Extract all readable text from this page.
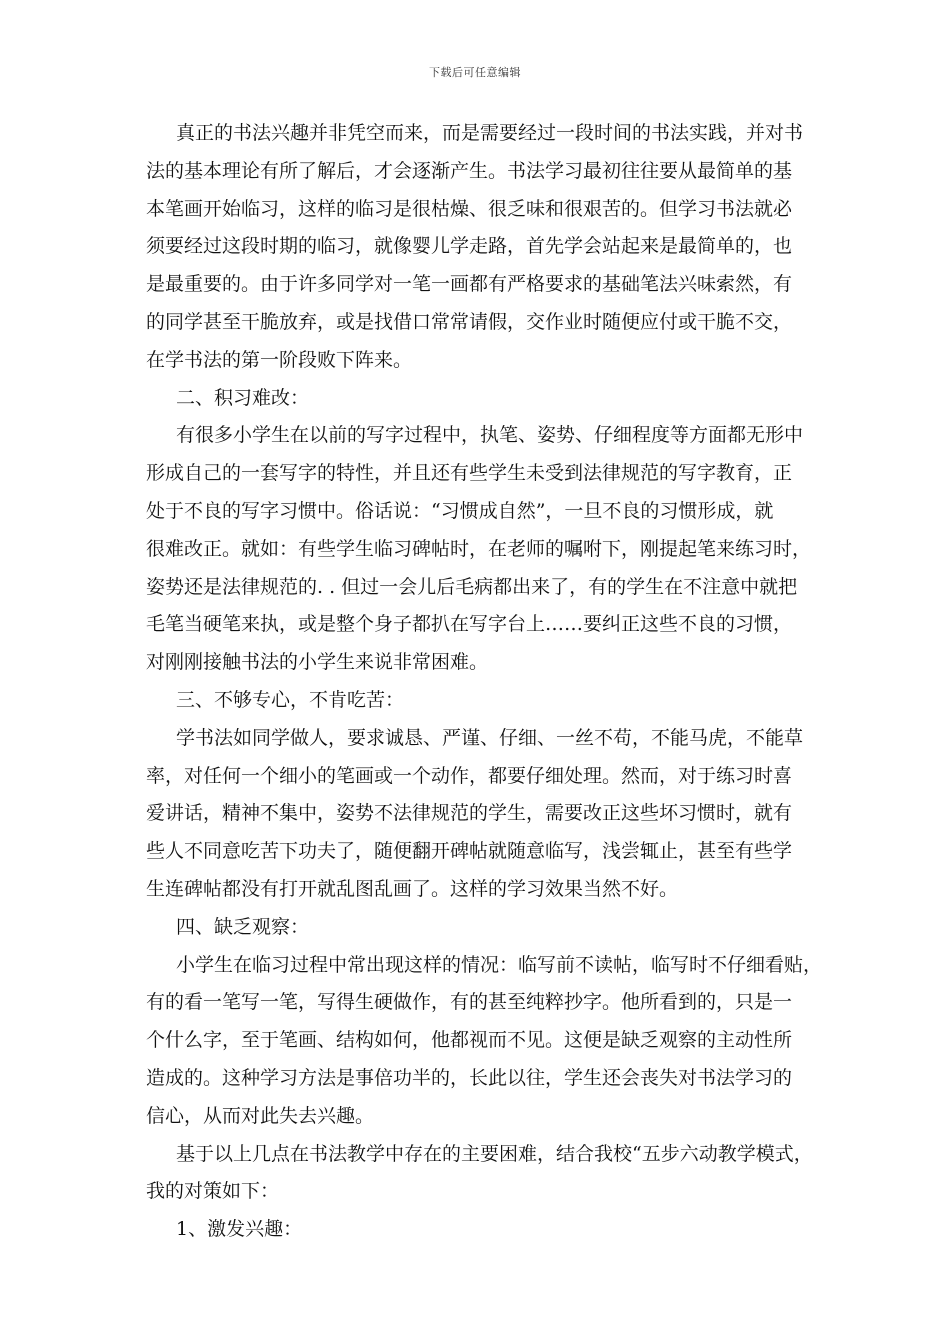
下载后可任意编辑
真正的书法兴趣并非凭空而来，而是需要经过一段时间的书法实践，并对书
法的基本理论有所了解后，才会逐渐产生。书法学习最初往往要从最简单的基
本笔画开始临习，这样的临习是很枯燥、很乏味和很艰苦的。但学习书法就必
须要经过这段时期的临习，就像婴儿学走路，首先学会站起来是最简单的，也
是最重要的。由于许多同学对一笔一画都有严格要求的基础笔法兴味索然，有
的同学甚至干脆放弃，或是找借口常常请假，交作业时随便应付或干脆不交，
在学书法的第一阶段败下阵来。
二、积习难改：
有很多小学生在以前的写字过程中，执笔、姿势、仔细程度等方面都无形中
形成自己的一套写字的特性，并且还有些学生未受到法律规范的写字教育，正
处于不良的写字习惯中。俗话说：“习惯成自然”，一旦不良的习惯形成，就
很难改正。就如：有些学生临习碑帖时，在老师的嘱咐下，刚提起笔来练习时，
姿势还是法律规范的. . 但过一会儿后毛病都出来了，有的学生在不注意中就把
毛笔当硬笔来执，或是整个身子都扒在写字台上……要纠正这些不良的习惯，
对刚刚接触书法的小学生来说非常困难。
三、不够专心，不肯吃苦：
学书法如同学做人，要求诚恳、严谨、仔细、一丝不苟，不能马虎，不能草
率，对任何一个细小的笔画或一个动作，都要仔细处理。然而，对于练习时喜
爱讲话，精神不集中，姿势不法律规范的学生，需要改正这些坏习惯时，就有
些人不同意吃苦下功夫了，随便翻开碑帖就随意临写，浅尝辄止，甚至有些学
生连碑帖都没有打开就乱图乱画了。这样的学习效果当然不好。
四、缺乏观察：
小学生在临习过程中常出现这样的情况：临写前不读帖，临写时不仔细看贴，
有的看一笔写一笔，写得生硬做作，有的甚至纯粹抄字。他所看到的，只是一
个什么字，至于笔画、结构如何，他都视而不见。这便是缺乏观察的主动性所
造成的。这种学习方法是事倍功半的，长此以往，学生还会丧失对书法学习的
信心，从而对此失去兴趣。
基于以上几点在书法教学中存在的主要困难，结合我校“五步六动教学模式，
我的对策如下：
1、激发兴趣：
